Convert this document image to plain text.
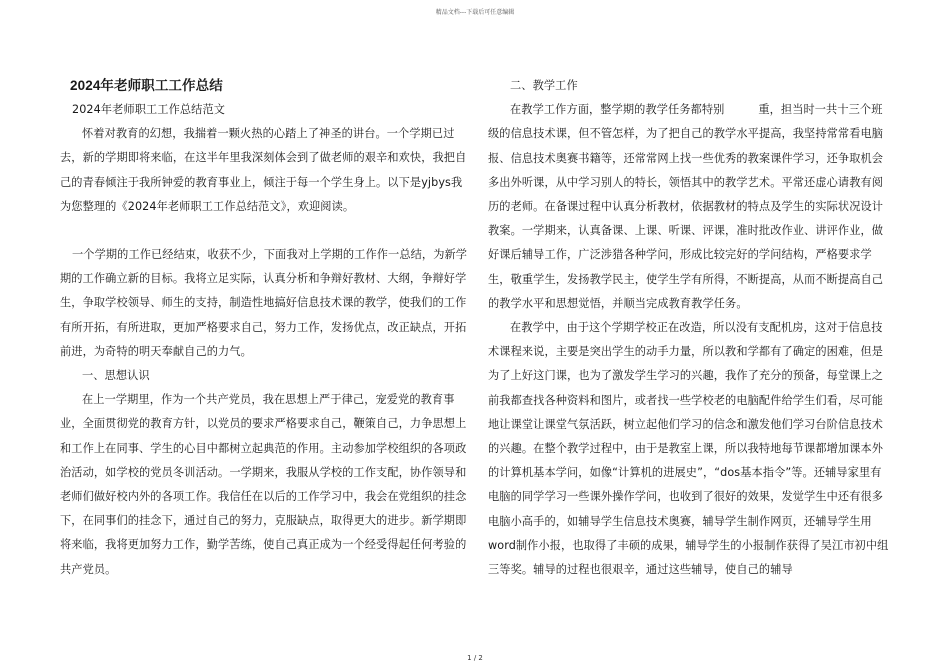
精品文档---下载后可任意编辑

2024年老师职工工作总结

2024年老师职工工作总结范文

怀着对教育的幻想，我揣着一颗火热的心踏上了神圣的讲台。一个学期已过去，新的学期即将来临，在这半年里我深刻体会到了做老师的艰辛和欢快，我把自己的青春倾注于我所钟爱的教育事业上，倾注于每一个学生身上。以下是yjbys我为您整理的《2024年老师职工工作总结范文》，欢迎阅读。

一个学期的工作已经结束，收获不少，下面我对上学期的工作作一总结，为新学期的工作确立新的目标。我将立足实际，认真分析和争辩好教材、大纲，争辩好学生，争取学校领导、师生的支持，制造性地搞好信息技术课的教学，使我们的工作有所开拓，有所进取，更加严格要求自己，努力工作，发扬优点，改正缺点，开拓前进，为奇特的明天奉献自己的力气。

一、思想认识

在上一学期里，作为一个共产党员，我在思想上严于律己，宠爱党的教育事业，全面贯彻党的教育方针，以党员的要求严格要求自己，鞭策自己，力争思想上和工作上在同事、学生的心目中都树立起典范的作用。主动参加学校组织的各项政治活动，如学校的党员冬训活动。一学期来，我服从学校的工作支配，协作领导和老师们做好校内外的各项工作。我信任在以后的工作学习中，我会在党组织的挂念下，在同事们的挂念下，通过自己的努力，克服缺点，取得更大的进步。新学期即将来临，我将更加努力工作，勤学苦练，使自己真正成为一个经受得起任何考验的共产党员。

二、教学工作

在教学工作方面，整学期的教学任务都特别　　　重，担当时一共十三个班级的信息技术课，但不管怎样，为了把自己的教学水平提高，我坚持常常看电脑报、信息技术奥赛书籍等，还常常网上找一些优秀的教案课件学习，还争取机会多出外听课，从中学习别人的特长，领悟其中的教学艺术。平常还虚心请教有阅历的老师。在备课过程中认真分析教材，依据教材的特点及学生的实际状况设计教案。一学期来，认真备课、上课、听课、评课，准时批改作业、讲评作业，做好课后辅导工作，广泛涉猎各种学问，形成比较完好的学问结构，严格要求学生，敬重学生，发扬教学民主，使学生学有所得，不断提高，从而不断提高自己的教学水平和思想觉悟，并顺当完成教育教学任务。

在教学中，由于这个学期学校正在改造，所以没有支配机房，这对于信息技术课程来说，主要是突出学生的动手力量，所以教和学都有了确定的困难，但是为了上好这门课，也为了激发学生学习的兴趣，我作了充分的预备，每堂课上之前我都查找各种资料和图片，或者找一些学校老的电脑配件给学生们看，尽可能地让课堂让课堂气氛活跃，树立起他们学习的信念和激发他们学习台阶信息技术的兴趣。在整个教学过程中，由于是教室上课，所以我特地每节课都增加课本外的计算机基本学问，如像“计算机的进展史”，“dos基本指令”等。还辅导家里有电脑的同学学习一些课外操作学问，也收到了很好的效果，发觉学生中还有很多电脑小高手的，如辅导学生信息技术奥赛，辅导学生制作网页，还辅导学生用word制作小报，也取得了丰硕的成果，辅导学生的小报制作获得了吴江市初中组三等奖。辅导的过程也很艰辛，通过这些辅导，使自己的辅导

1 / 2
